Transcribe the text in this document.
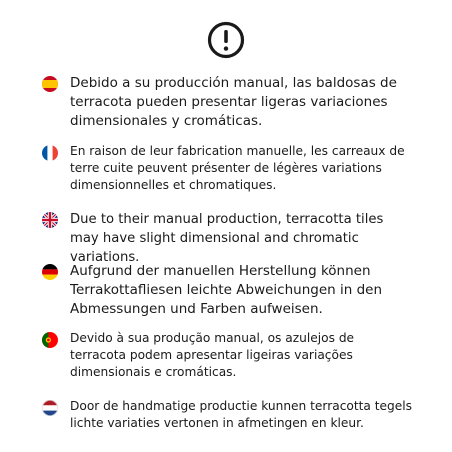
Debido a su producción manual, las baldosas de terracota pueden presentar ligeras variaciones dimensionales y cromáticas.
En raison de leur fabrication manuelle, les carreaux de terre cuite peuvent présenter de légères variations dimensionnelles et chromatiques.
Due to their manual production, terracotta tiles may have slight dimensional and chromatic variations.
Aufgrund der manuellen Herstellung können Terrakottafliesen leichte Abweichungen in den Abmessungen und Farben aufweisen.
Devido à sua produção manual, os azulejos de terracota podem apresentar ligeiras variações dimensionais e cromáticas.
Door de handmatige productie kunnen terracotta tegels lichte variaties vertonen in afmetingen en kleur.
